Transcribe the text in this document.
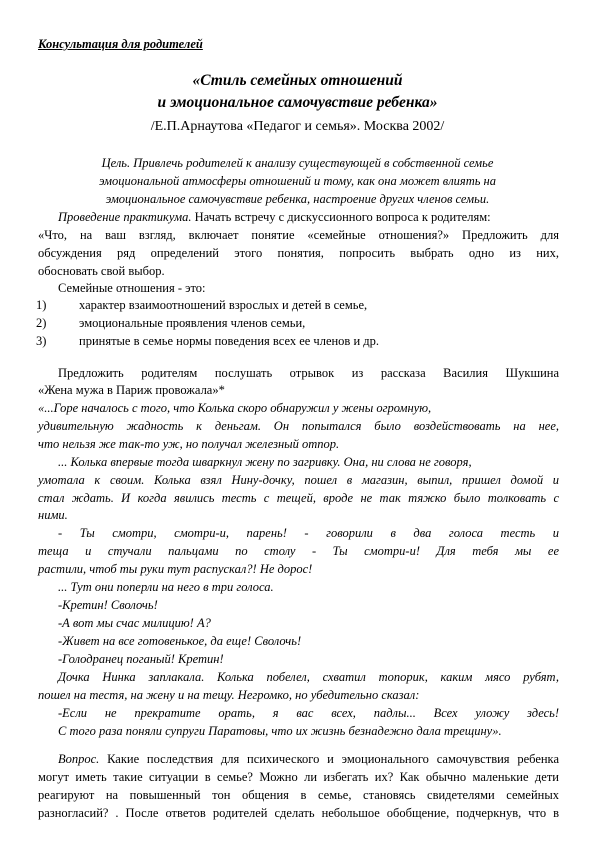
Консультация для родителей
«Стиль семейных отношений
и эмоциональное самочувствие ребенка»
/Е.П.Арнаутова «Педагог и семья». Москва 2002/
Цель. Привлечь родителей к анализу существующей в собственной семье
эмоциональной атмосферы отношений и тому, как она может влиять на
эмоциональное самочувствие ребенка, настроение других членов семьи.
Проведение практикума. Начать встречу с дискуссионного вопроса к родителям:
«Что, на ваш взгляд, включает понятие «семейные отношения?» Предложить для
обсуждения ряд определений этого понятия, попросить выбрать одно из них,
обосновать свой выбор.
Семейные отношения - это:
1)	характер взаимоотношений взрослых и детей в семье,
2)	эмоциональные проявления членов семьи,
3)	принятые в семье нормы поведения всех ее членов и др.
Предложить родителям послушать отрывок из рассказа Василия Шукшина
«Жена мужа в Париж провожала»*
«...Горе началось с того, что Колька скоро обнаружил у жены огромную,
удивительную жадность к деньгам. Он попытался было воздействовать на нее,
что нельзя же так-то уж, но получал железный отпор.
... Колька впервые тогда шваркнул жену по загривку. Она, ни слова не говоря,
умотала к своим. Колька взял Нину-дочку, пошел в магазин, выпил, пришел домой и
стал ждать. И когда явились тесть с тещей, вроде не так тяжко было толковать с
ними.
- Ты смотри, смотри-и, парень! - говорили в два голоса тесть и
теща и стучали пальцами по столу - Ты смотри-и! Для тебя мы ее
растили, чтоб ты руки тут распускал?! Не дорос!
... Тут они поперли на него в три голоса.
-Кретин! Сволочь!
-А вот мы счас милицию! А?
-Живет на все готовенькое, да еще! Сволочь!
-Голодранец поганый! Кретин!
Дочка Нинка заплакала. Колька побелел, схватил топорик, каким мясо рубят,
пошел на тестя, на жену и на тещу. Негромко, но убедительно сказал:
-Если не прекратите орать, я вас всех, падлы... Всех уложу здесь!
С того раза поняли супруги Паратовы, что их жизнь безнадежно дала трещину».
Вопрос. Какие последствия для психического и эмоционального самочувствия ребенка
могут иметь такие ситуации в семье? Можно ли избегать их? Как обычно маленькие дети
реагируют на повышенный тон общения в семье, становясь свидетелями семейных
разногласий? . После ответов родителей сделать небольшое обобщение, подчеркнув, что в
